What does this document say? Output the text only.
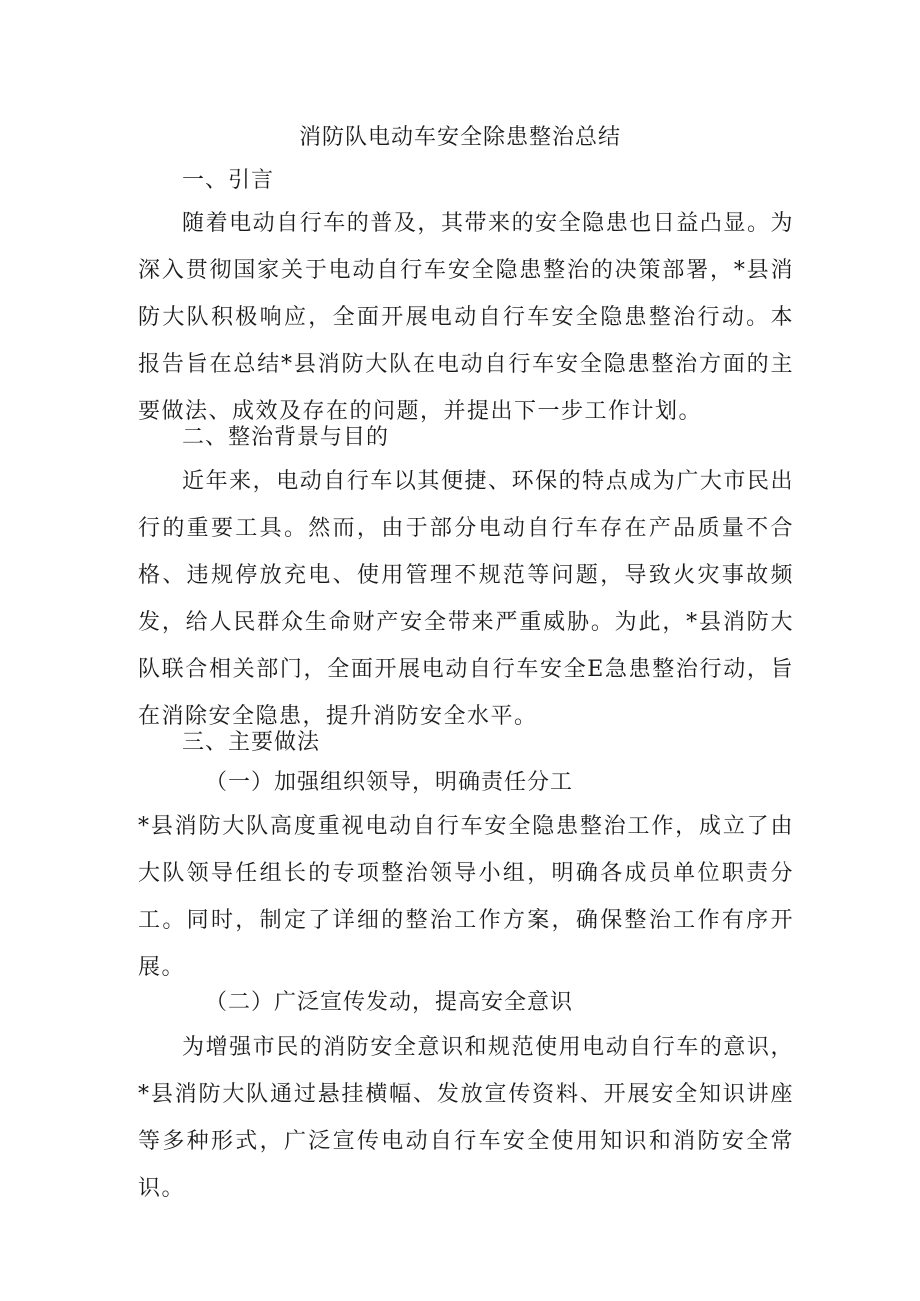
消防队电动车安全除患整治总结
一、引言
随着电动自行车的普及，其带来的安全隐患也日益凸显。为深入贯彻国家关于电动自行车安全隐患整治的决策部署，*县消防大队积极响应，全面开展电动自行车安全隐患整治行动。本报告旨在总结*县消防大队在电动自行车安全隐患整治方面的主要做法、成效及存在的问题，并提出下一步工作计划。
二、整治背景与目的
近年来，电动自行车以其便捷、环保的特点成为广大市民出行的重要工具。然而，由于部分电动自行车存在产品质量不合格、违规停放充电、使用管理不规范等问题，导致火灾事故频发，给人民群众生命财产安全带来严重威胁。为此，*县消防大队联合相关部门，全面开展电动自行车安全E急患整治行动，旨在消除安全隐患，提升消防安全水平。
三、主要做法
（一）加强组织领导，明确责任分工
*县消防大队高度重视电动自行车安全隐患整治工作，成立了由大队领导任组长的专项整治领导小组，明确各成员单位职责分工。同时，制定了详细的整治工作方案，确保整治工作有序开展。
（二）广泛宣传发动，提高安全意识
为增强市民的消防安全意识和规范使用电动自行车的意识，*县消防大队通过悬挂横幅、发放宣传资料、开展安全知识讲座等多种形式，广泛宣传电动自行车安全使用知识和消防安全常识。
